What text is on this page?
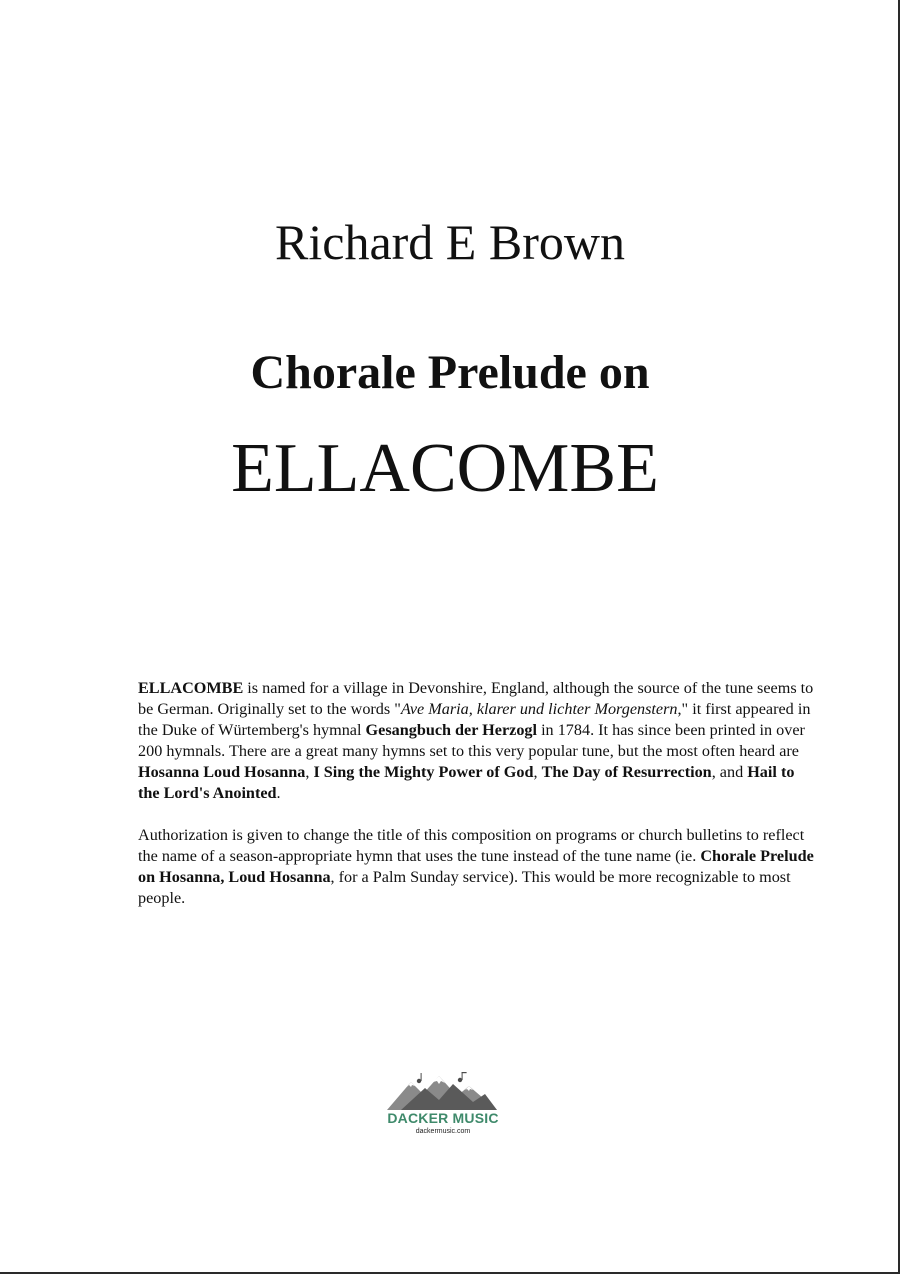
Richard E Brown
Chorale Prelude on
ELLACOMBE

ELLACOMBE is named for a village in Devonshire, England, although the source of the tune seems to be German. Originally set to the words "Ave Maria, klarer und lichter Morgenstern," it first appeared in the Duke of Würtemberg's hymnal Gesangbuch der Herzogl in 1784. It has since been printed in over 200 hymnals. There are a great many hymns set to this very popular tune, but the most often heard are Hosanna Loud Hosanna, I Sing the Mighty Power of God, The Day of Resurrection, and Hail to the Lord's Anointed.

Authorization is given to change the title of this composition on programs or church bulletins to reflect the name of a season-appropriate hymn that uses the tune instead of the tune name (ie. Chorale Prelude on Hosanna, Loud Hosanna, for a Palm Sunday service). This would be more recognizable to most people.

DACKER MUSIC
dackermusic.com
